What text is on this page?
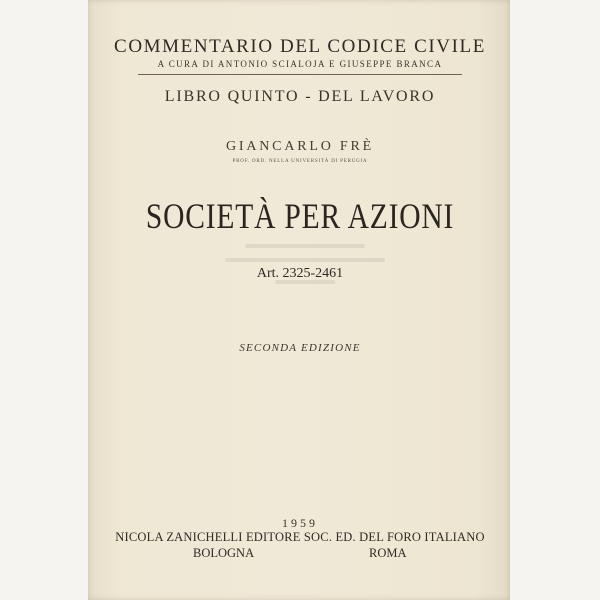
COMMENTARIO DEL CODICE CIVILE
A CURA DI ANTONIO SCIALOJA E GIUSEPPE BRANCA
LIBRO QUINTO - DEL LAVORO
GIANCARLO FRÈ
PROF. ORD. NELLA UNIVERSITÀ DI PERUGIA
SOCIETÀ PER AZIONI
Art. 2325-2461
SECONDA EDIZIONE
1959
NICOLA ZANICHELLI EDITORE SOC. ED. DEL FORO ITALIANO
BOLOGNA	ROMA
